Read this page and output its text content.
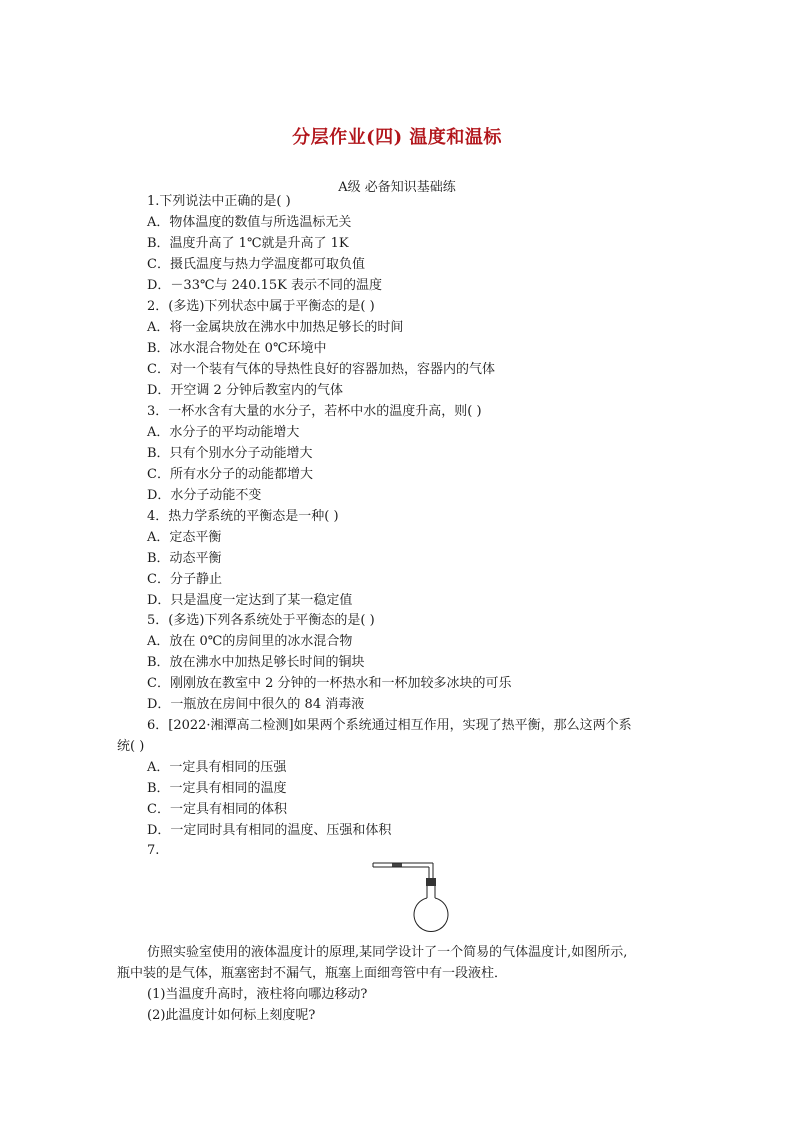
分层作业(四) 温度和温标
A级 必备知识基础练
1.下列说法中正确的是( )
A．物体温度的数值与所选温标无关
B．温度升高了 1℃就是升高了 1K
C．摄氏温度与热力学温度都可取负值
D．－33℃与 240.15K 表示不同的温度
2．(多选)下列状态中属于平衡态的是( )
A．将一金属块放在沸水中加热足够长的时间
B．冰水混合物处在 0℃环境中
C．对一个装有气体的导热性良好的容器加热，容器内的气体
D．开空调 2 分钟后教室内的气体
3．一杯水含有大量的水分子，若杯中水的温度升高，则( )
A．水分子的平均动能增大
B．只有个别水分子动能增大
C．所有水分子的动能都增大
D．水分子动能不变
4．热力学系统的平衡态是一种( )
A．定态平衡
B．动态平衡
C．分子静止
D．只是温度一定达到了某一稳定值
5．(多选)下列各系统处于平衡态的是( )
A．放在 0℃的房间里的冰水混合物
B．放在沸水中加热足够长时间的铜块
C．刚刚放在教室中 2 分钟的一杯热水和一杯加较多冰块的可乐
D．一瓶放在房间中很久的 84 消毒液
6．[2022·湘潭高二检测]如果两个系统通过相互作用，实现了热平衡，那么这两个系
统( )
A．一定具有相同的压强
B．一定具有相同的温度
C．一定具有相同的体积
D．一定同时具有相同的温度、压强和体积
7.
仿照实验室使用的液体温度计的原理,某同学设计了一个简易的气体温度计,如图所示,
瓶中装的是气体，瓶塞密封不漏气，瓶塞上面细弯管中有一段液柱．
(1)当温度升高时，液柱将向哪边移动?
(2)此温度计如何标上刻度呢?
